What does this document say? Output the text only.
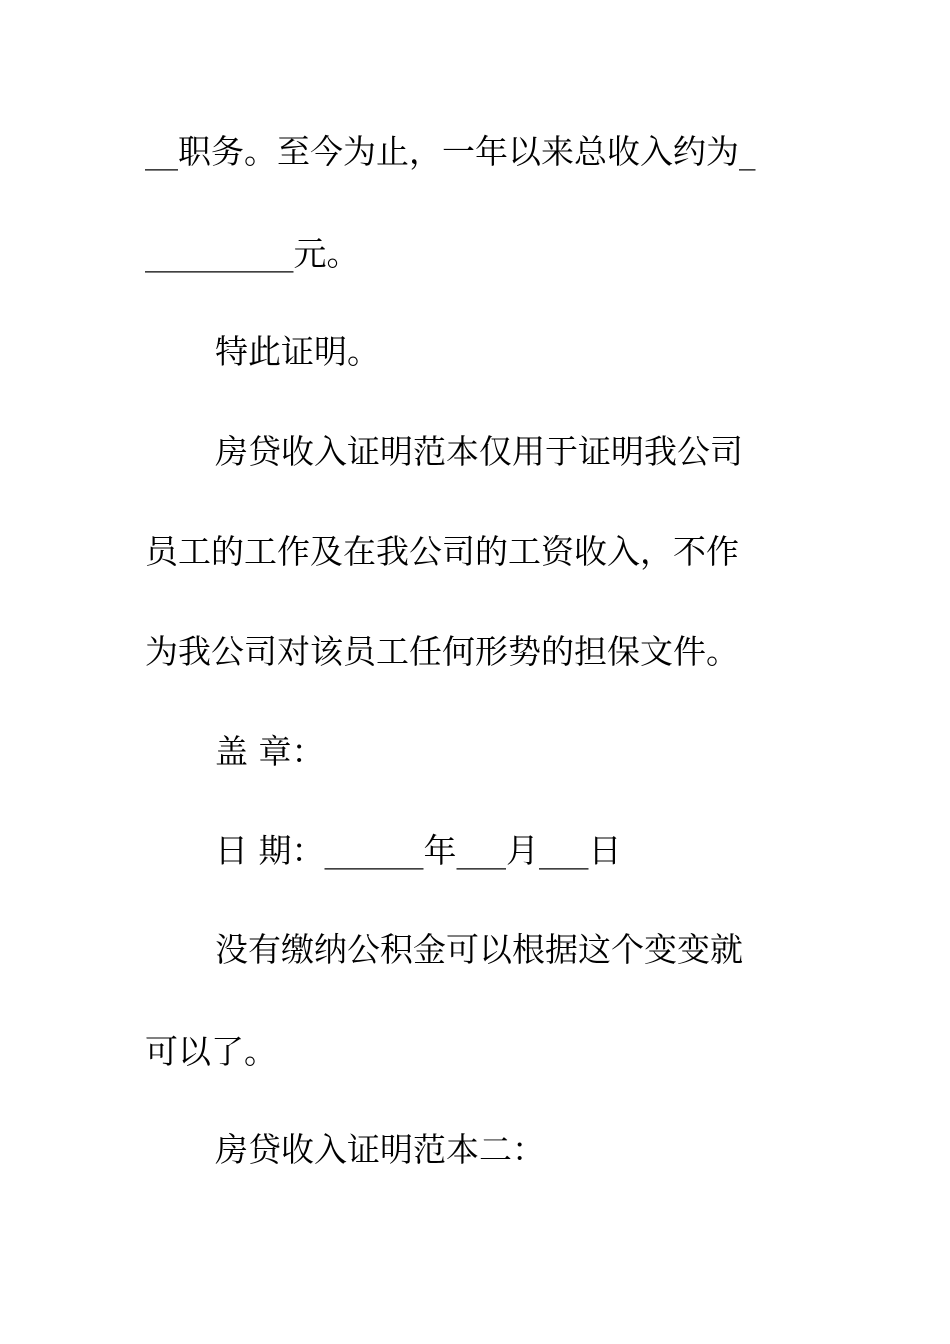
__职务。至今为止，一年以来总收入约为_
_________元。
特此证明。
房贷收入证明范本仅用于证明我公司
员工的工作及在我公司的工资收入，不作
为我公司对该员工任何形势的担保文件。
盖 章：
日 期：______年___月___日
没有缴纳公积金可以根据这个变变就
可以了。
房贷收入证明范本二：
